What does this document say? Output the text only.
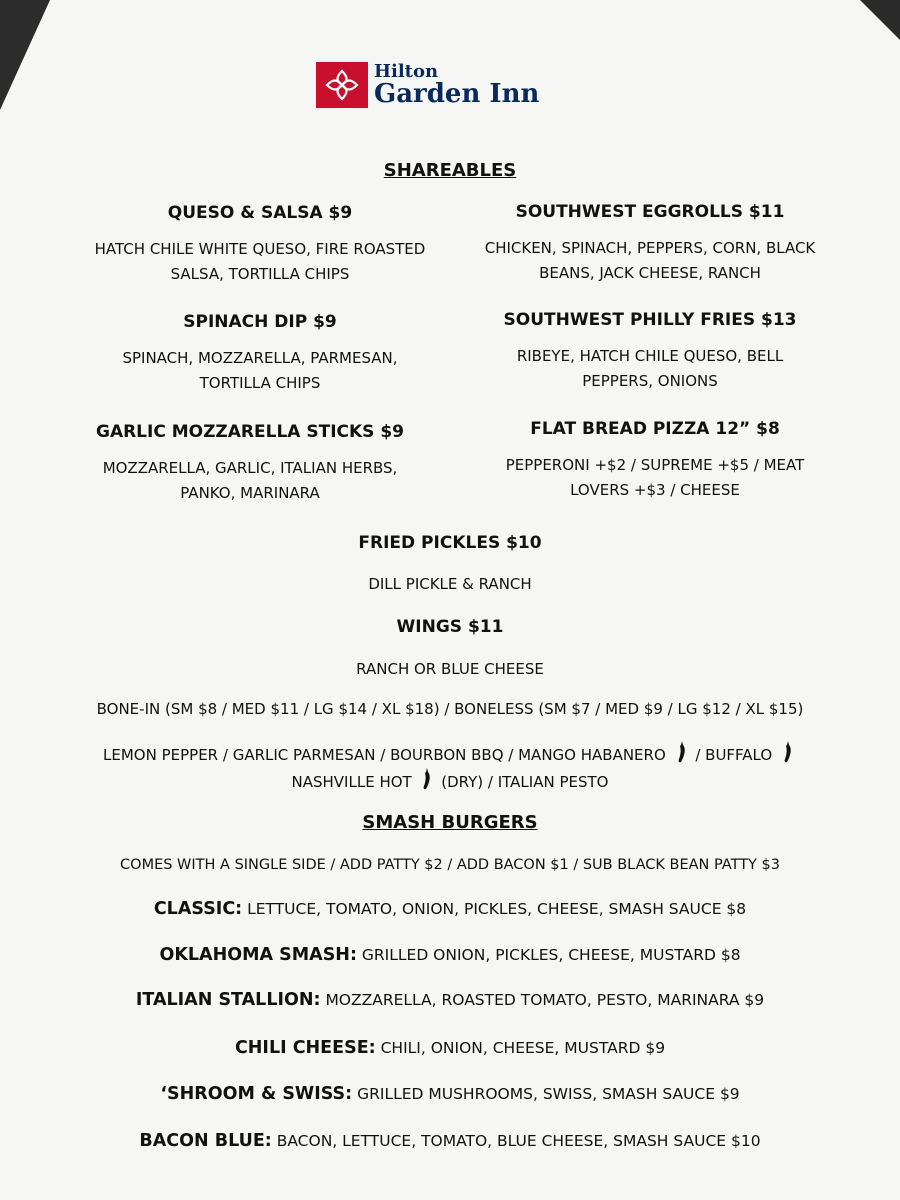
Hilton
Garden Inn
SHAREABLES

QUESO & SALSA $9

HATCH CHILE WHITE QUESO, FIRE ROASTED

SALSA, TORTILLA CHIPS

SPINACH DIP $9

SPINACH, MOZZARELLA, PARMESAN,

TORTILLA CHIPS

GARLIC MOZZARELLA STICKS $9

MOZZARELLA, GARLIC, ITALIAN HERBS,

PANKO, MARINARA

SOUTHWEST EGGROLLS $11

CHICKEN, SPINACH, PEPPERS, CORN, BLACK

BEANS, JACK CHEESE, RANCH

SOUTHWEST PHILLY FRIES $13

RIBEYE, HATCH CHILE QUESO, BELL

PEPPERS, ONIONS

FLAT BREAD PIZZA 12” $8

PEPPERONI +$2 / SUPREME +$5 / MEAT

LOVERS +$3 / CHEESE

FRIED PICKLES $10
DILL PICKLE & RANCH
WINGS $11
RANCH OR BLUE CHEESE
BONE-IN (SM $8 / MED $11 / LG $14 / XL $18) / BONELESS (SM $7 / MED $9 / LG $12 / XL $15)
LEMON PEPPER / GARLIC PARMESAN / BOURBON BBQ / MANGO HABANERO / BUFFALO
NASHVILLE HOT (DRY) / ITALIAN PESTO
SMASH BURGERS
COMES WITH A SINGLE SIDE / ADD PATTY $2 / ADD BACON $1 / SUB BLACK BEAN PATTY $3
CLASSIC: LETTUCE, TOMATO, ONION, PICKLES, CHEESE, SMASH SAUCE $8
OKLAHOMA SMASH: GRILLED ONION, PICKLES, CHEESE, MUSTARD $8
ITALIAN STALLION: MOZZARELLA, ROASTED TOMATO, PESTO, MARINARA $9
CHILI CHEESE: CHILI, ONION, CHEESE, MUSTARD $9
‘SHROOM & SWISS: GRILLED MUSHROOMS, SWISS, SMASH SAUCE $9
BACON BLUE: BACON, LETTUCE, TOMATO, BLUE CHEESE, SMASH SAUCE $10
